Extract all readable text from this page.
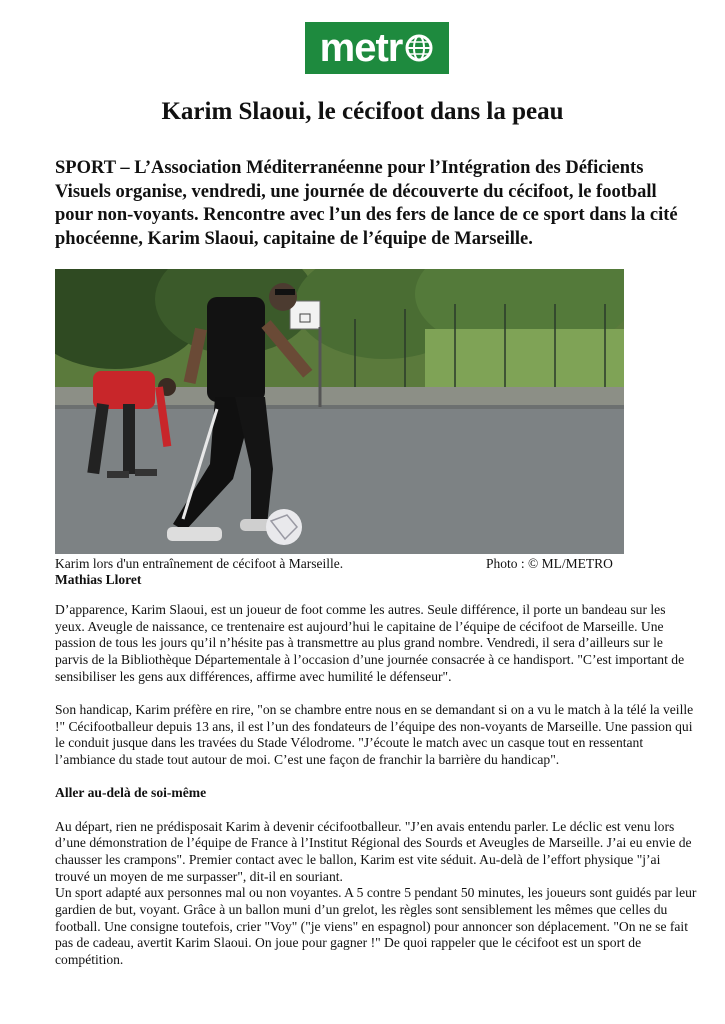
metr
Karim Slaoui, le cécifoot dans la peau

SPORT – L’Association Méditerranéenne pour l’Intégration des Déficients Visuels organise, vendredi, une journée de découverte du cécifoot, le football pour non-voyants. Rencontre avec l’un des fers de lance de ce sport dans la cité phocéenne, Karim Slaoui, capitaine de l’équipe de Marseille.

Karim lors d'un entraînement de cécifoot à Marseille.	Photo : © ML/METRO
Mathias Lloret

D’apparence, Karim Slaoui, est un joueur de foot comme les autres. Seule différence, il porte un bandeau sur les yeux. Aveugle de naissance, ce trentenaire est aujourd’hui le capitaine de l’équipe de cécifoot de Marseille. Une passion de tous les jours qu’il n’hésite pas à transmettre au plus grand nombre. Vendredi, il sera d’ailleurs sur le parvis de la Bibliothèque Départementale à l’occasion d’une journée consacrée à ce handisport. "C’est important de sensibiliser les gens aux différences, affirme avec humilité le défenseur".

Son handicap, Karim préfère en rire, "on se chambre entre nous en se demandant si on a vu le match à la télé la veille !" Cécifootballeur depuis 13 ans, il est l’un des fondateurs de l’équipe des non-voyants de Marseille. Une passion qui le conduit jusque dans les travées du Stade Vélodrome. "J’écoute le match avec un casque tout en ressentant l’ambiance du stade tout autour de moi. C’est une façon de franchir la barrière du handicap".

Aller au-delà de soi-même

Au départ, rien ne prédisposait Karim à devenir cécifootballeur. "J’en avais entendu parler. Le déclic est venu lors d’une démonstration de l’équipe de France à l’Institut Régional des Sourds et Aveugles de Marseille. J’ai eu envie de chausser les crampons". Premier contact avec le ballon, Karim est vite séduit. Au-delà de l’effort physique "j’ai trouvé un moyen de me surpasser", dit-il en souriant.

Un sport adapté aux personnes mal ou non voyantes. A 5 contre 5 pendant 50 minutes, les joueurs sont guidés par leur gardien de but, voyant. Grâce à un ballon muni d’un grelot, les règles sont sensiblement les mêmes que celles du football. Une consigne toutefois, crier "Voy" ("je viens" en espagnol) pour annoncer son déplacement. "On ne se fait pas de cadeau, avertit Karim Slaoui. On joue pour gagner !" De quoi rappeler que le cécifoot est un sport de compétition.
